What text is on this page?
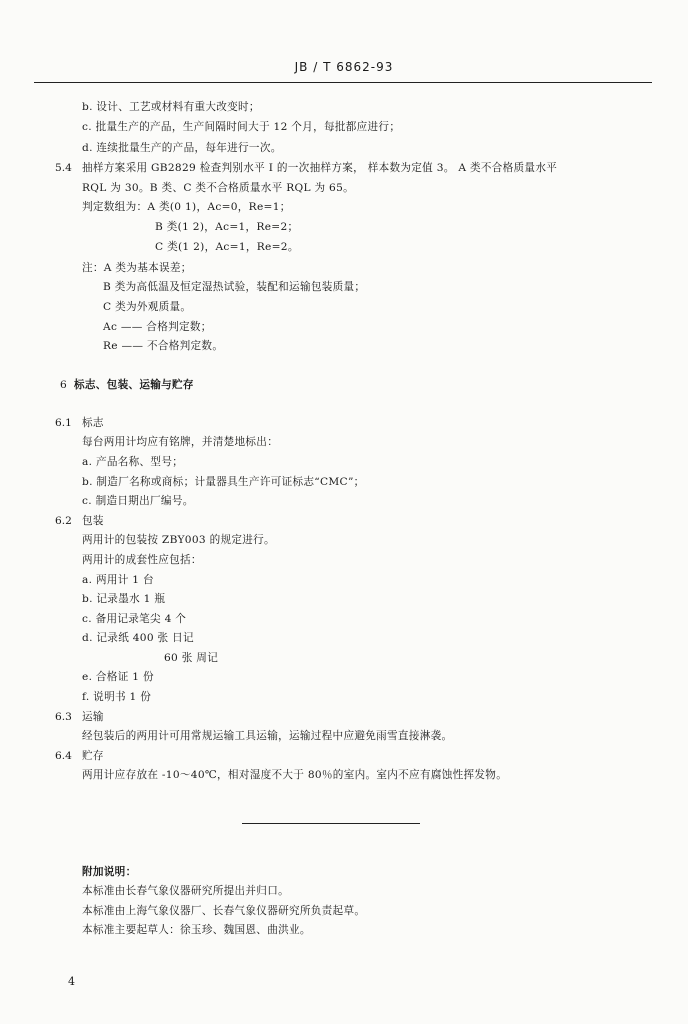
JB / T 6862-93
b. 设计、工艺或材料有重大改变时；
c. 批量生产的产品，生产间隔时间大于 12 个月，每批都应进行；
d. 连续批量生产的产品，每年进行一次。
5.4 抽样方案采用 GB2829 检查判别水平 Ⅰ 的一次抽样方案， 样本数为定值 3。 A 类不合格质量水平
RQL 为 30。B 类、C 类不合格质量水平 RQL 为 65。
判定数组为：A 类(0 1)，Ac=0，Re=1；
B 类(1 2)，Ac=1，Re=2；
C 类(1 2)，Ac=1，Re=2。
注：A 类为基本误差；
B 类为高低温及恒定湿热试验，装配和运输包装质量；
C 类为外观质量。
Ac —— 合格判定数；
Re —— 不合格判定数。
6 标志、包装、运输与贮存
6.1 标志
每台两用计均应有铭牌，并清楚地标出：
a. 产品名称、型号；
b. 制造厂名称或商标；计量器具生产许可证标志“CMC”；
c. 制造日期出厂编号。
6.2 包装
两用计的包装按 ZBY003 的规定进行。
两用计的成套性应包括：
a. 两用计 1 台
b. 记录墨水 1 瓶
c. 备用记录笔尖 4 个
d. 记录纸 400 张 日记
60 张 周记
e. 合格证 1 份
f. 说明书 1 份
6.3 运输
经包装后的两用计可用常规运输工具运输，运输过程中应避免雨雪直接淋袭。
6.4 贮存
两用计应存放在 -10～40℃，相对湿度不大于 80％的室内。室内不应有腐蚀性挥发物。
附加说明：
本标准由长春气象仪器研究所提出并归口。
本标准由上海气象仪器厂、长春气象仪器研究所负责起草。
本标准主要起草人：徐玉珍、魏国恩、曲洪业。
4
